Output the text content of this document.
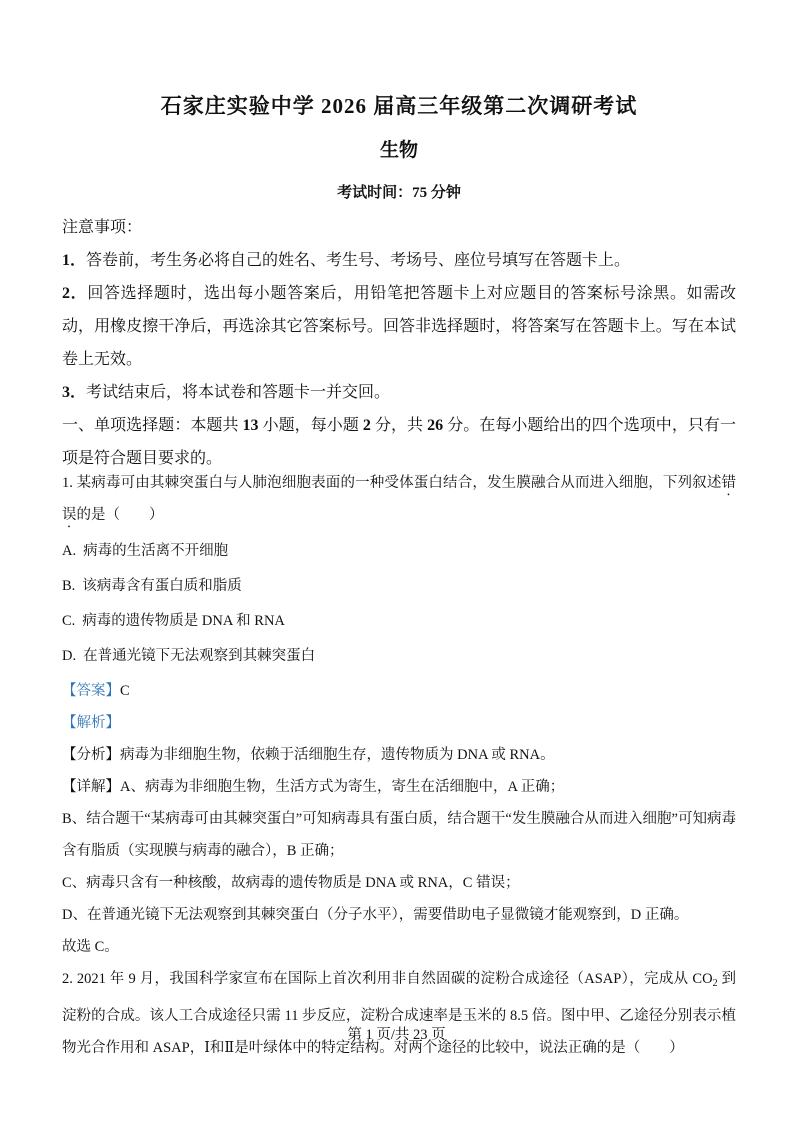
石家庄实验中学 2026 届高三年级第二次调研考试
生物
考试时间：75 分钟

注意事项：

1．答卷前，考生务必将自己的姓名、考生号、考场号、座位号填写在答题卡上。

2．回答选择题时，选出每小题答案后，用铅笔把答题卡上对应题目的答案标号涂黑。如需改动，用橡皮擦干净后，再选涂其它答案标号。回答非选择题时，将答案写在答题卡上。写在本试卷上无效。

3．考试结束后，将本试卷和答题卡一并交回。

一、单项选择题：本题共 13 小题，每小题 2 分，共 26 分。在每小题给出的四个选项中，只有一项是符合题目要求的。

1. 某病毒可由其棘突蛋白与人肺泡细胞表面的一种受体蛋白结合，发生膜融合从而进入细胞，下列叙述错误的是（　　）

A. 病毒的生活离不开细胞

B. 该病毒含有蛋白质和脂质

C. 病毒的遗传物质是 DNA 和 RNA

D. 在普通光镜下无法观察到其棘突蛋白

【答案】C

【解析】

【分析】病毒为非细胞生物，依赖于活细胞生存，遗传物质为 DNA 或 RNA。

【详解】A、病毒为非细胞生物，生活方式为寄生，寄生在活细胞中，A 正确；

B、结合题干“某病毒可由其棘突蛋白”可知病毒具有蛋白质，结合题干“发生膜融合从而进入细胞”可知病毒含有脂质（实现膜与病毒的融合），B 正确；

C、病毒只含有一种核酸，故病毒的遗传物质是 DNA 或 RNA，C 错误；

D、在普通光镜下无法观察到其棘突蛋白（分子水平），需要借助电子显微镜才能观察到，D 正确。

故选 C。

2. 2021 年 9 月，我国科学家宣布在国际上首次利用非自然固碳的淀粉合成途径（ASAP），完成从 $CO_2$ 到淀粉的合成。该人工合成途径只需 11 步反应，淀粉合成速率是玉米的 8.5 倍。图中甲、乙途径分别表示植物光合作用和 ASAP，Ⅰ和Ⅱ是叶绿体中的特定结构。对两个途径的比较中，说法正确的是（　　）

第 1 页/共 23 页
